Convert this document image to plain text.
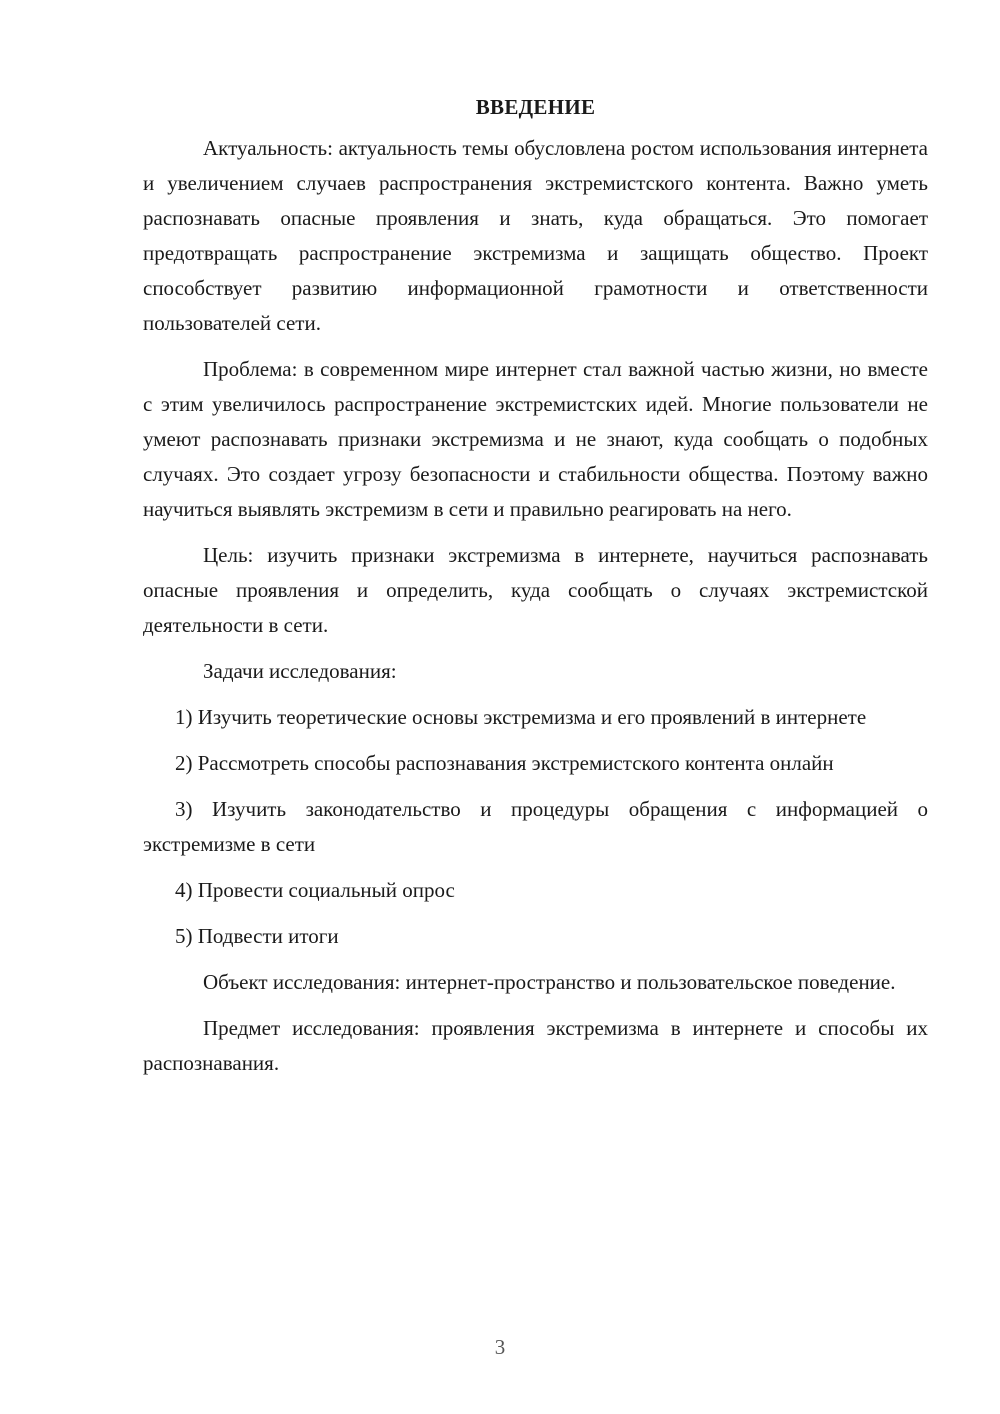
ВВЕДЕНИЕ

Актуальность: актуальность темы обусловлена ростом использования интернета и увеличением случаев распространения экстремистского контента. Важно уметь распознавать опасные проявления и знать, куда обращаться. Это помогает предотвращать распространение экстремизма и защищать общество. Проект способствует развитию информационной грамотности и ответственности пользователей сети.

Проблема: в современном мире интернет стал важной частью жизни, но вместе с этим увеличилось распространение экстремистских идей. Многие пользователи не умеют распознавать признаки экстремизма и не знают, куда сообщать о подобных случаях. Это создает угрозу безопасности и стабильности общества. Поэтому важно научиться выявлять экстремизм в сети и правильно реагировать на него.

Цель: изучить признаки экстремизма в интернете, научиться распознавать опасные проявления и определить, куда сообщать о случаях экстремистской деятельности в сети.

Задачи исследования:

1) Изучить теоретические основы экстремизма и его проявлений в интернете

2) Рассмотреть способы распознавания экстремистского контента онлайн

3) Изучить законодательство и процедуры обращения с информацией о экстремизме в сети

4) Провести социальный опрос

5) Подвести итоги

Объект исследования: интернет-пространство и пользовательское поведение.

Предмет исследования: проявления экстремизма в интернете и способы их распознавания.

3
